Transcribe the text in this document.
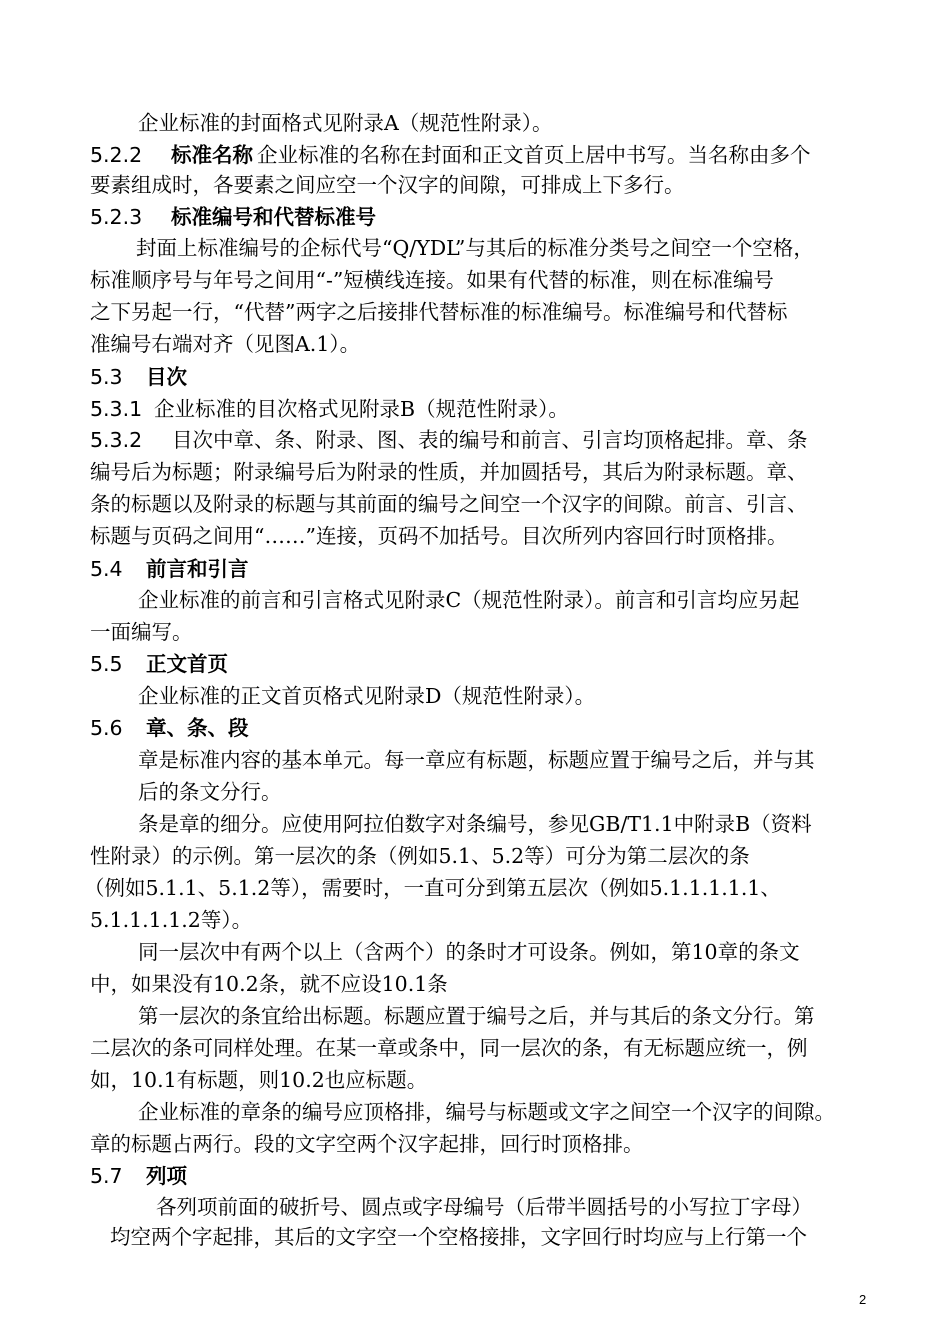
企业标准的封面格式见附录A（规范性附录）。
5.2.2 标准名称 企业标准的名称在封面和正文首页上居中书写。当名称由多个
要素组成时，各要素之间应空一个汉字的间隙，可排成上下多行。
5.2.3 标准编号和代替标准号
封面上标准编号的企标代号“Q/YDL”与其后的标准分类号之间空一个空格，
标准顺序号与年号之间用“-”短横线连接。如果有代替的标准，则在标准编号
之下另起一行，“代替”两字之后接排代替标准的标准编号。标准编号和代替标
准编号右端对齐（见图A.1）。
5.3 目次
5.3.1 企业标准的目次格式见附录B（规范性附录）。
5.3.2 目次中章、条、附录、图、表的编号和前言、引言均顶格起排。章、条
编号后为标题；附录编号后为附录的性质，并加圆括号，其后为附录标题。章、
条的标题以及附录的标题与其前面的编号之间空一个汉字的间隙。前言、引言、
标题与页码之间用“……”连接，页码不加括号。目次所列内容回行时顶格排。
5.4 前言和引言
企业标准的前言和引言格式见附录C（规范性附录）。前言和引言均应另起
一面编写。
5.5 正文首页
企业标准的正文首页格式见附录D（规范性附录）。
5.6 章、条、段
章是标准内容的基本单元。每一章应有标题，标题应置于编号之后，并与其
后的条文分行。
条是章的细分。应使用阿拉伯数字对条编号，参见GB/T1.1中附录B（资料
性附录）的示例。第一层次的条（例如5.1、5.2等）可分为第二层次的条
（例如5.1.1、5.1.2等），需要时，一直可分到第五层次（例如5.1.1.1.1.1、
5.1.1.1.1.2等）。
同一层次中有两个以上（含两个）的条时才可设条。例如，第10章的条文
中，如果没有10.2条，就不应设10.1条
第一层次的条宜给出标题。标题应置于编号之后，并与其后的条文分行。第
二层次的条可同样处理。在某一章或条中，同一层次的条，有无标题应统一，例
如，10.1有标题，则10.2也应标题。
企业标准的章条的编号应顶格排，编号与标题或文字之间空一个汉字的间隙。
章的标题占两行。段的文字空两个汉字起排，回行时顶格排。
5.7 列项
各列项前面的破折号、圆点或字母编号（后带半圆括号的小写拉丁字母）
均空两个字起排，其后的文字空一个空格接排，文字回行时均应与上行第一个
2
